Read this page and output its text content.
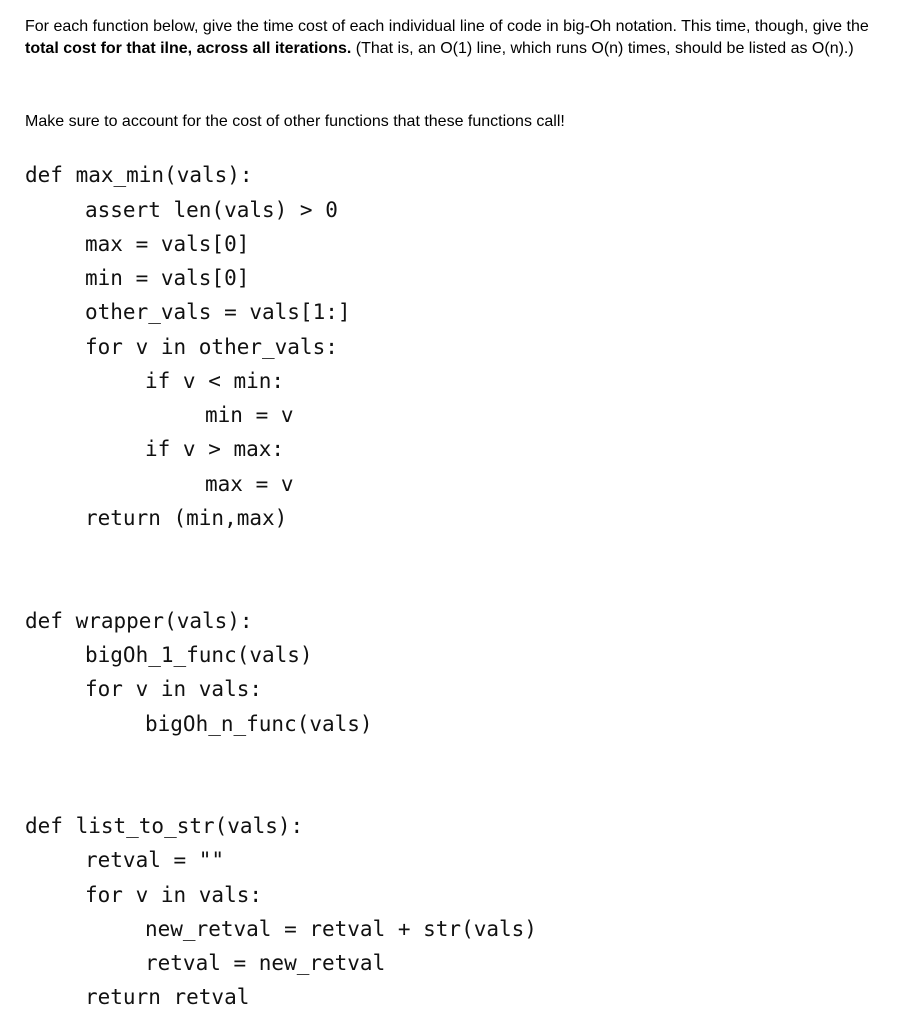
For each function below, give the time cost of each individual line of code in big-Oh notation. This time, though, give the total cost for that ilne, across all iterations. (That is, an O(1) line, which runs O(n) times, should be listed as O(n).)
Make sure to account for the cost of other functions that these functions call!
def max_min(vals):
assert len(vals) > 0
max = vals[0]
min = vals[0]
other_vals = vals[1:]
for v in other_vals:
if v < min:
min = v
if v > max:
max = v
return (min,max)
def wrapper(vals):
bigOh_1_func(vals)
for v in vals:
bigOh_n_func(vals)
def list_to_str(vals):
retval = ""
for v in vals:
new_retval = retval + str(vals)
retval = new_retval
return retval
